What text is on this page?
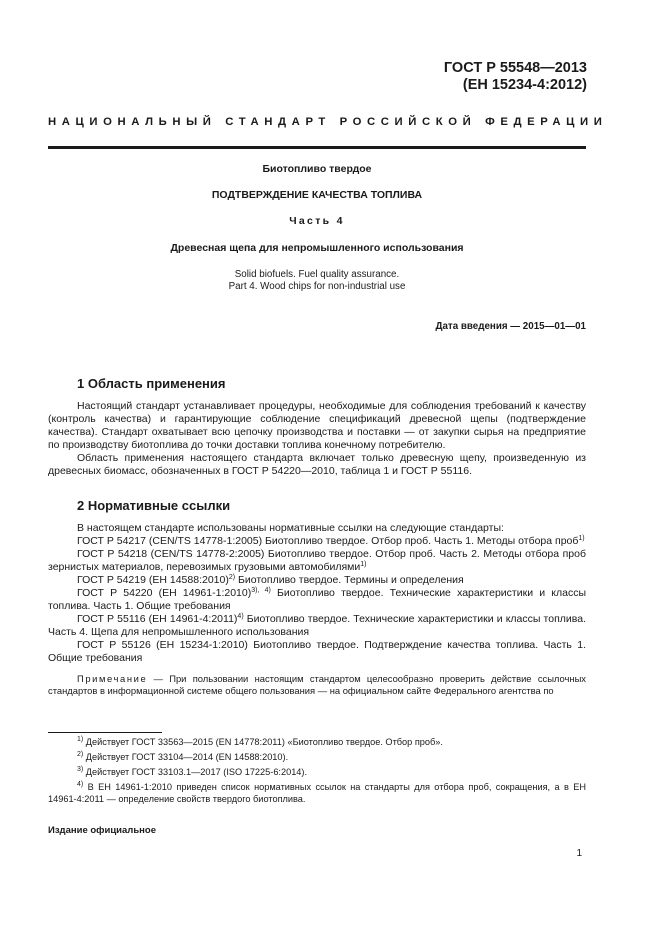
ГОСТ Р 55548—2013
(ЕН 15234-4:2012)
НАЦИОНАЛЬНЫЙ СТАНДАРТ РОССИЙСКОЙ ФЕДЕРАЦИИ
Биотопливо твердое
ПОДТВЕРЖДЕНИЕ КАЧЕСТВА ТОПЛИВА
Часть 4
Древесная щепа для непромышленного использования
Solid biofuels. Fuel quality assurance.
Part 4. Wood chips for non-industrial use
Дата введения — 2015—01—01
1 Область применения

Настоящий стандарт устанавливает процедуры, необходимые для соблюдения требований к качеству (контроль качества) и гарантирующие соблюдение спецификаций древесной щепы (подтверждение качества). Стандарт охватывает всю цепочку производства и поставки — от закупки сырья на предприятие по производству биотоплива до точки доставки топлива конечному потребителю.

Область применения настоящего стандарта включает только древесную щепу, произведенную из древесных биомасс, обозначенных в ГОСТ Р 54220—2010, таблица 1 и ГОСТ Р 55116.

2 Нормативные ссылки

В настоящем стандарте использованы нормативные ссылки на следующие стандарты:

ГОСТ Р 54217 (CEN/TS 14778-1:2005) Биотопливо твердое. Отбор проб. Часть 1. Методы отбора проб$^{1)}$

ГОСТ Р 54218 (CEN/TS 14778-2:2005) Биотопливо твердое. Отбор проб. Часть 2. Методы отбора проб зернистых материалов, перевозимых грузовыми автомобилями$^{1)}$

ГОСТ Р 54219 (ЕН 14588:2010)$^{2)}$ Биотопливо твердое. Термины и определения

ГОСТ Р 54220 (ЕН 14961-1:2010)$^{3), 4)}$ Биотопливо твердое. Технические характеристики и классы топлива. Часть 1. Общие требования

ГОСТ Р 55116 (ЕН 14961-4:2011)$^{4)}$ Биотопливо твердое. Технические характеристики и классы топлива. Часть 4. Щепа для непромышленного использования

ГОСТ Р 55126 (ЕН 15234-1:2010) Биотопливо твердое. Подтверждение качества топлива. Часть 1. Общие требования

Примечание — При пользовании настоящим стандартом целесообразно проверить действие ссылочных стандартов в информационной системе общего пользования — на официальном сайте Федерального агентства по

$^{1)}$ Действует ГОСТ 33563—2015 (EN 14778:2011) «Биотопливо твердое. Отбор проб».

$^{2)}$ Действует ГОСТ 33104—2014 (EN 14588:2010).

$^{3)}$ Действует ГОСТ 33103.1—2017 (ISO 17225-6:2014).

$^{4)}$ В ЕН 14961-1:2010 приведен список нормативных ссылок на стандарты для отбора проб, сокращения, а в ЕН 14961-4:2011 — определение свойств твердого биотоплива.

Издание официальное
1
